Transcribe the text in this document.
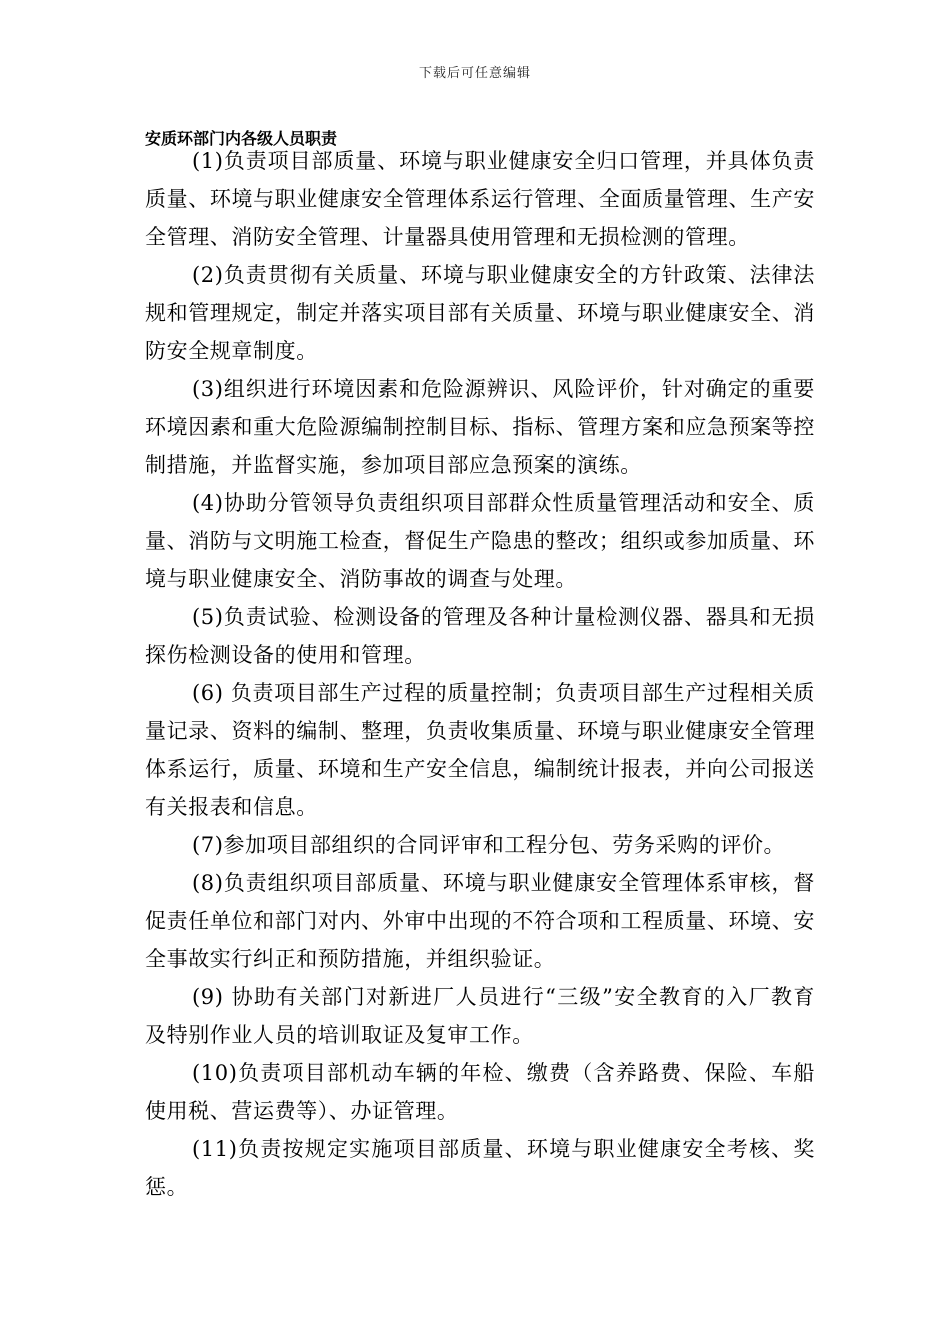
下载后可任意编辑
安质环部门内各级人员职责

(1)负责项目部质量、环境与职业健康安全归口管理，并具体负责质量、环境与职业健康安全管理体系运行管理、全面质量管理、生产安全管理、消防安全管理、计量器具使用管理和无损检测的管理。

(2)负责贯彻有关质量、环境与职业健康安全的方针政策、法律法规和管理规定，制定并落实项目部有关质量、环境与职业健康安全、消防安全规章制度。

(3)组织进行环境因素和危险源辨识、风险评价，针对确定的重要环境因素和重大危险源编制控制目标、指标、管理方案和应急预案等控制措施，并监督实施，参加项目部应急预案的演练。

(4)协助分管领导负责组织项目部群众性质量管理活动和安全、质量、消防与文明施工检查，督促生产隐患的整改；组织或参加质量、环境与职业健康安全、消防事故的调查与处理。

(5)负责试验、检测设备的管理及各种计量检测仪器、器具和无损探伤检测设备的使用和管理。

(6) 负责项目部生产过程的质量控制；负责项目部生产过程相关质量记录、资料的编制、整理，负责收集质量、环境与职业健康安全管理体系运行，质量、环境和生产安全信息，编制统计报表，并向公司报送有关报表和信息。

(7)参加项目部组织的合同评审和工程分包、劳务采购的评价。

(8)负责组织项目部质量、环境与职业健康安全管理体系审核，督促责任单位和部门对内、外审中出现的不符合项和工程质量、环境、安全事故实行纠正和预防措施，并组织验证。

(9) 协助有关部门对新进厂人员进行“三级”安全教育的入厂教育及特别作业人员的培训取证及复审工作。

(10)负责项目部机动车辆的年检、缴费（含养路费、保险、车船使用税、营运费等）、办证管理。

(11)负责按规定实施项目部质量、环境与职业健康安全考核、奖惩。
